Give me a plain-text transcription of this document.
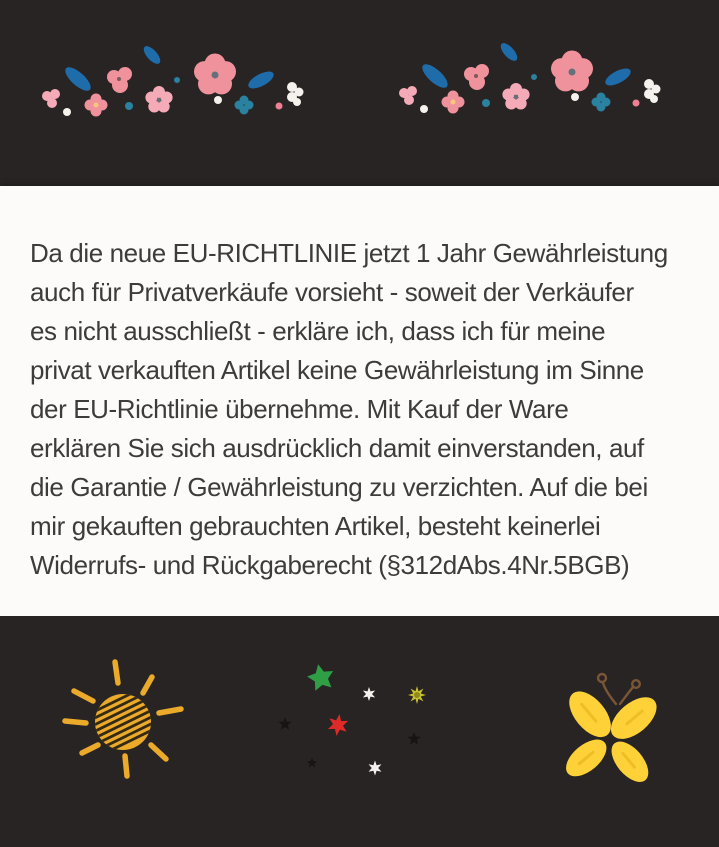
Da die neue EU-RICHTLINIE jetzt 1 Jahr Gewährleistung
auch für Privatverkäufe vorsieht - soweit der Verkäufer
es nicht ausschließt - erkläre ich, dass ich für meine
privat verkauften Artikel keine Gewährleistung im Sinne
der EU-Richtlinie übernehme. Mit Kauf der Ware
erklären Sie sich ausdrücklich damit einverstanden, auf
die Garantie / Gewährleistung zu verzichten. Auf die bei
mir gekauften gebrauchten Artikel, besteht keinerlei
Widerrufs- und Rückgaberecht (§312dAbs.4Nr.5BGB)
